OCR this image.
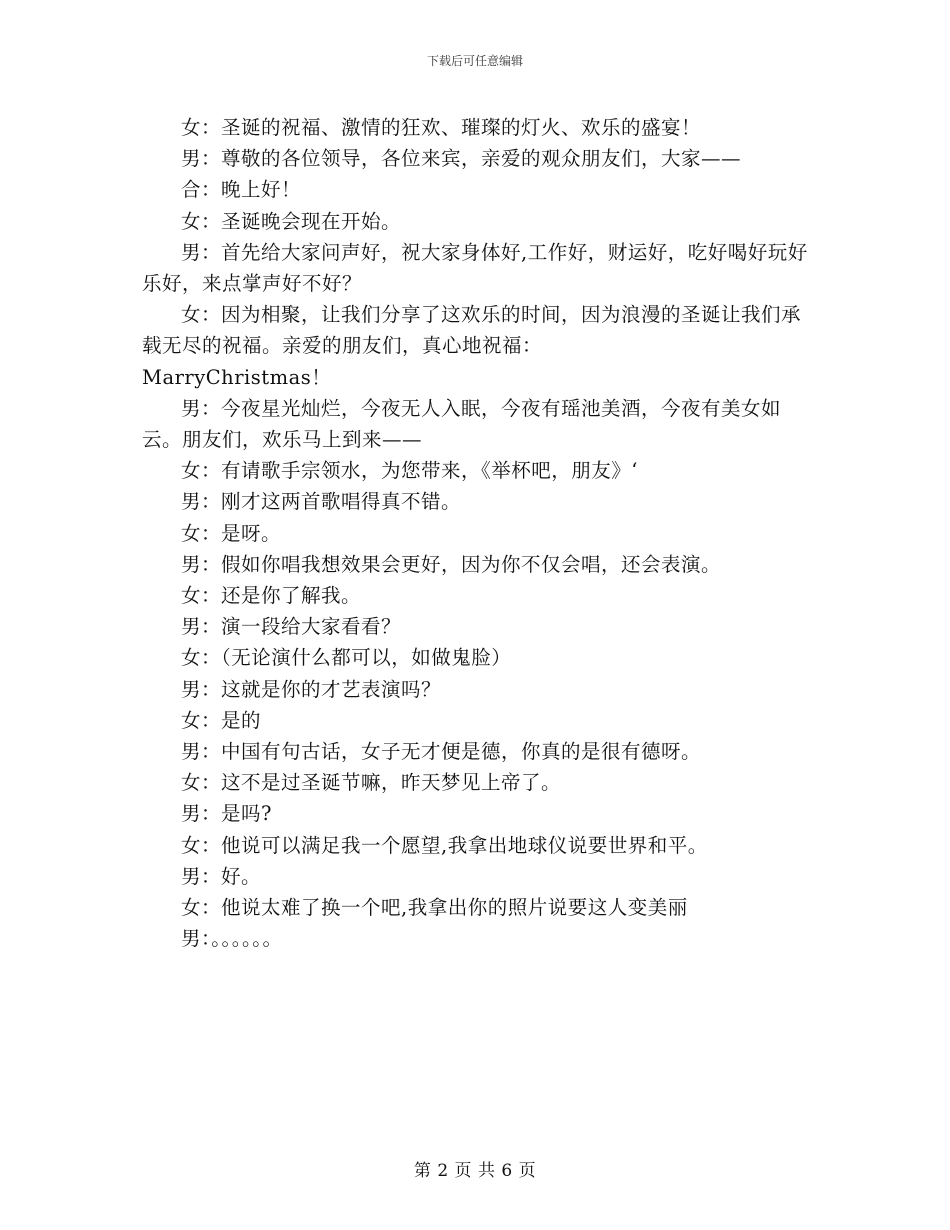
下载后可任意编辑

女：圣诞的祝福、激情的狂欢、璀璨的灯火、欢乐的盛宴！

男：尊敬的各位领导，各位来宾，亲爱的观众朋友们，大家——

合：晚上好！

女：圣诞晚会现在开始。

男：首先给大家问声好，祝大家身体好,工作好，财运好，吃好喝好玩好乐好，来点掌声好不好？

女：因为相聚，让我们分享了这欢乐的时间，因为浪漫的圣诞让我们承载无尽的祝福。亲爱的朋友们，真心地祝福：

MarryChristmas！

男：今夜星光灿烂，今夜无人入眠，今夜有瑶池美酒，今夜有美女如云。朋友们，欢乐马上到来——

女：有请歌手宗领水，为您带来，《举杯吧，朋友》‘

男：刚才这两首歌唱得真不错。

女：是呀。

男：假如你唱我想效果会更好，因为你不仅会唱，还会表演。

女：还是你了解我。

男：演一段给大家看看？

女：（无论演什么都可以，如做鬼脸）

男：这就是你的才艺表演吗？

女：是的

男：中国有句古话，女子无才便是德，你真的是很有德呀。

女：这不是过圣诞节嘛，昨天梦见上帝了。

男：是吗?

女：他说可以满足我一个愿望,我拿出地球仪说要世界和平。

男：好。

女：他说太难了换一个吧,我拿出你的照片说要这人变美丽

男：。。。。。。

第 2 页 共 6 页
